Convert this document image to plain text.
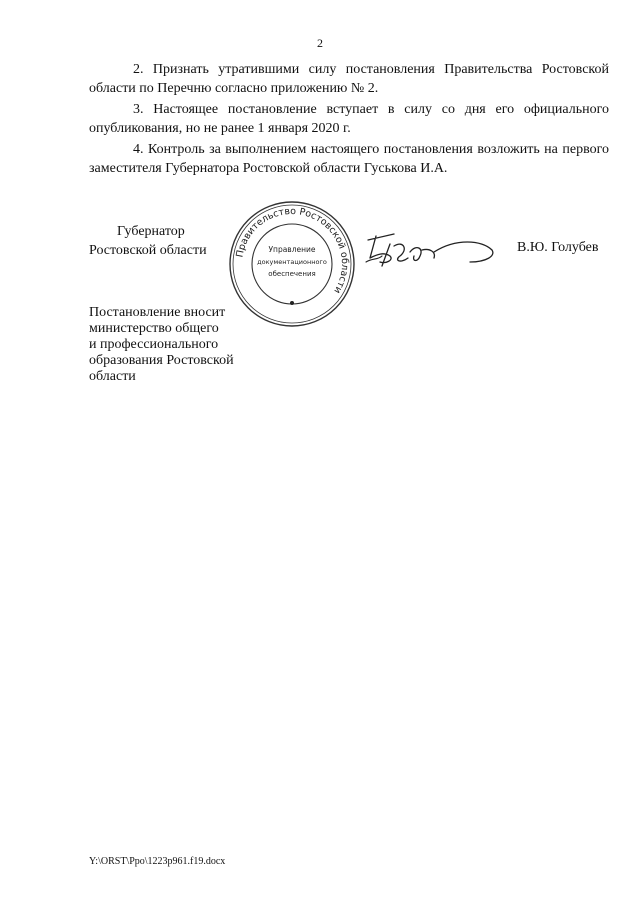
2

2. Признать утратившими силу постановления Правительства Ростовской области по Перечню согласно приложению № 2.

3. Настоящее постановление вступает в силу со дня его официального опубликования, но не ранее 1 января 2020 г.

4. Контроль за выполнением настоящего постановления возложить на первого заместителя Губернатора Ростовской области Гуськова И.А.

Губернатор
Ростовской области	Правительство Ростовской области
Управление
документационного
обеспечения
В.Ю. Голубев
Постановление вносит
министерство общего
и профессионального
образования Ростовской
области
Y:\ORST\Ppo\1223p961.f19.docx
